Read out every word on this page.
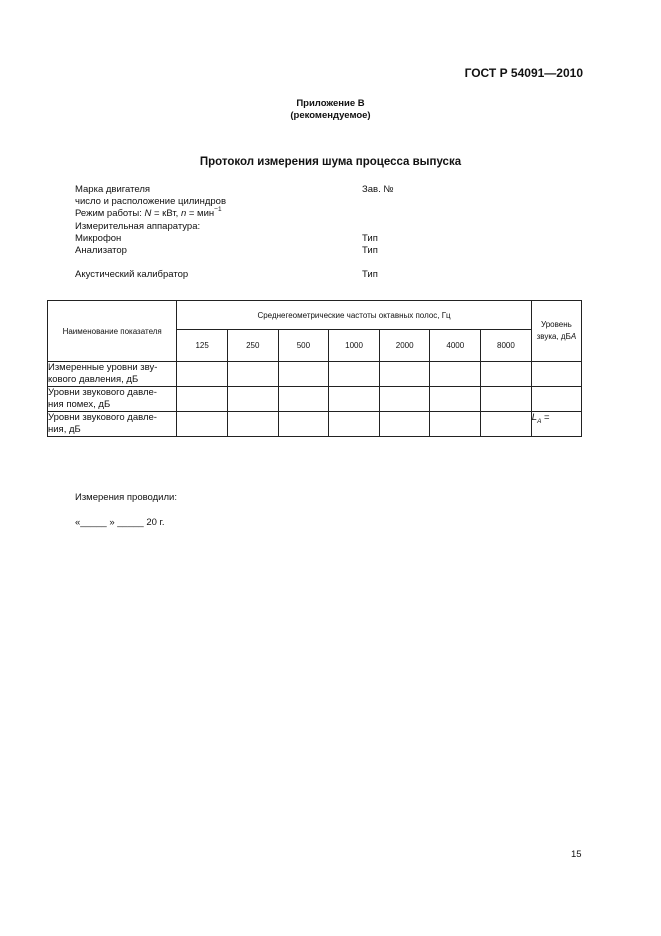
ГОСТ Р 54091—2010
Приложение В
(рекомендуемое)
Протокол измерения шума процесса выпуска
Марка двигателя	Зав. №
число и расположение цилиндров
Режим работы: N = кВт, n = мин$^{-1}$
Измерительная аппаратура:
Микрофон	Тип
Анализатор	Тип
Акустический калибратор	Тип
Наименование показателя	Среднегеометрические частоты октавных полос, Гц							Уровень
звука, дБА

	125	250	500	1000	2000	4000	8000	

Измеренные уровни зву-
кового давления, дБ								

Уровни звукового давле-
ния помех, дБ								

Уровни звукового давле-
ния, дБ								$L_A$ =
Измерения проводили:
«_____ » _____ 20 г.
15
